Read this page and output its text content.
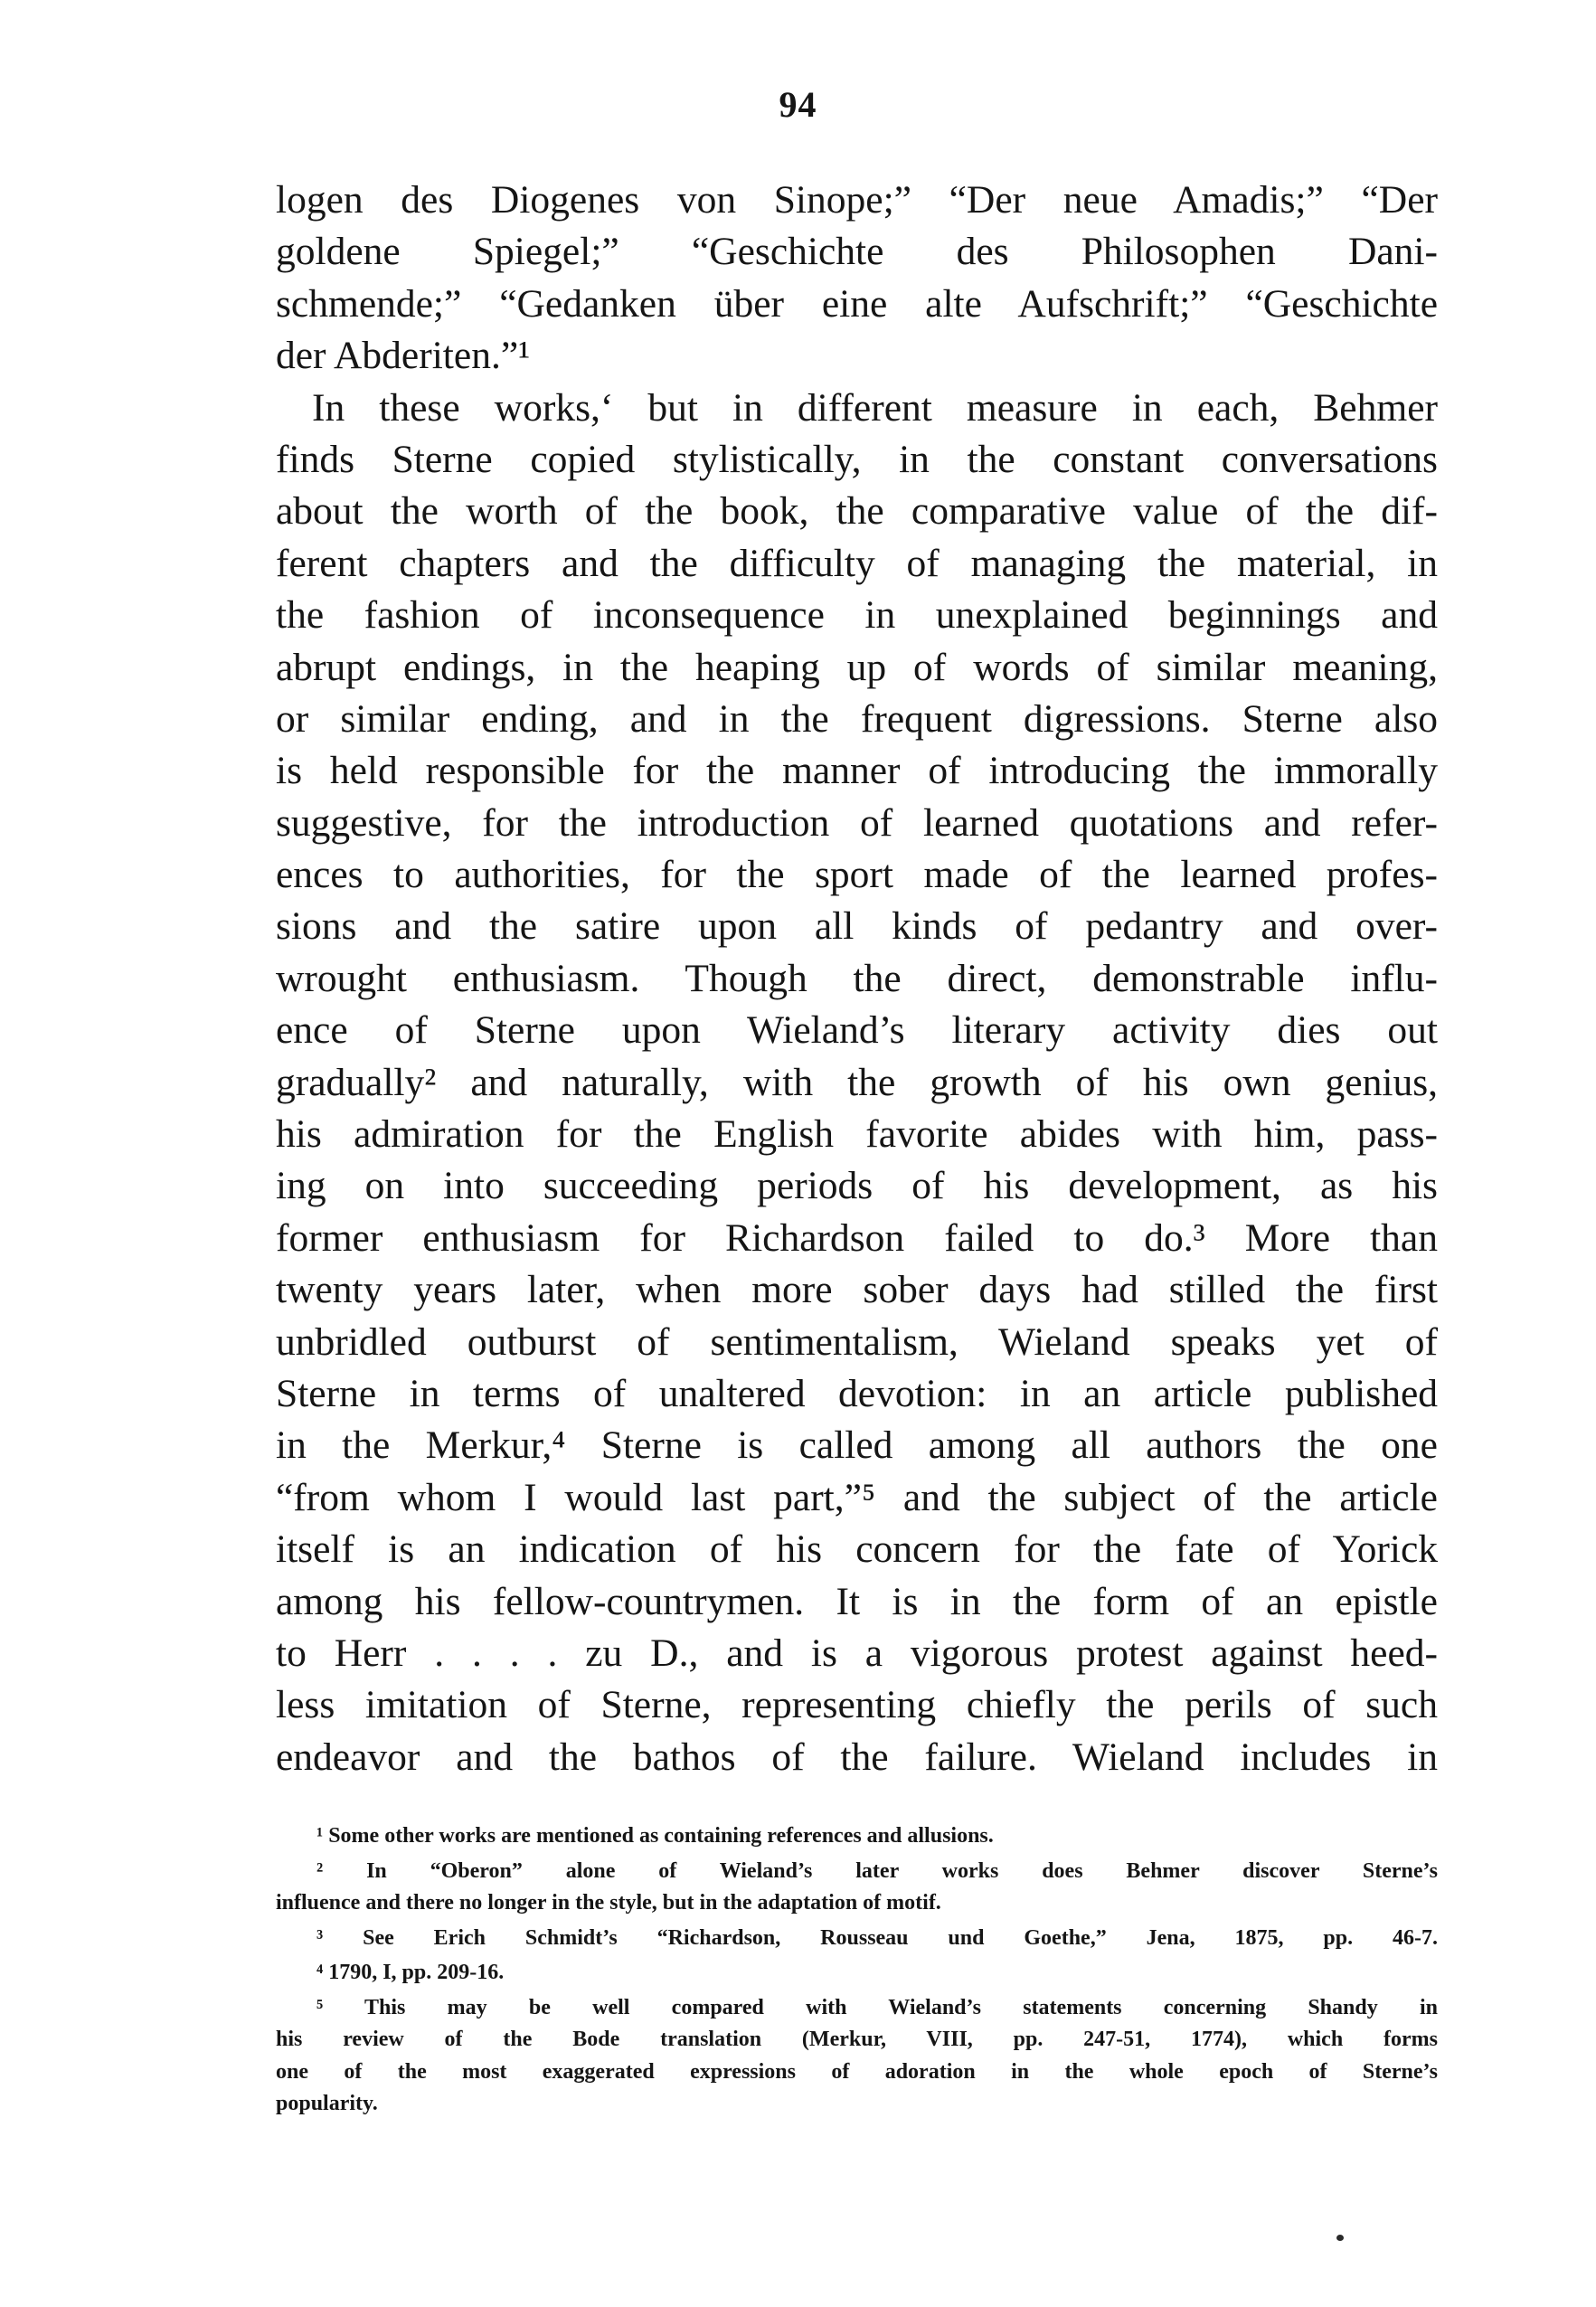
94
logen des Diogenes von Sinope;” “Der neue Amadis;” “Der
goldene Spiegel;” “Geschichte des Philosophen Dani-
schmende;” “Gedanken über eine alte Aufschrift;” “Geschichte
der Abderiten.”¹
In these works,ʻ but in different measure in each, Behmer
finds Sterne copied stylistically, in the constant conversations
about the worth of the book, the comparative value of the dif-
ferent chapters and the difficulty of managing the material, in
the fashion of inconsequence in unexplained beginnings and
abrupt endings, in the heaping up of words of similar meaning,
or similar ending, and in the frequent digressions. Sterne also
is held responsible for the manner of introducing the immorally
suggestive, for the introduction of learned quotations and refer-
ences to authorities, for the sport made of the learned profes-
sions and the satire upon all kinds of pedantry and over-
wrought enthusiasm. Though the direct, demonstrable influ-
ence of Sterne upon Wieland’s literary activity dies out
gradually² and naturally, with the growth of his own genius,
his admiration for the English favorite abides with him, pass-
ing on into succeeding periods of his development, as his
former enthusiasm for Richardson failed to do.³ More than
twenty years later, when more sober days had stilled the first
unbridled outburst of sentimentalism, Wieland speaks yet of
Sterne in terms of unaltered devotion: in an article published
in the Merkur,⁴ Sterne is called among all authors the one
“from whom I would last part,”⁵ and the subject of the article
itself is an indication of his concern for the fate of Yorick
among his fellow-countrymen. It is in the form of an epistle
to Herr . . . . zu D., and is a vigorous protest against heed-
less imitation of Sterne, representing chiefly the perils of such
endeavor and the bathos of the failure. Wieland includes in
¹ Some other works are mentioned as containing references and allusions.
² In “Oberon” alone of Wieland’s later works does Behmer discover Sterne’s
influence and there no longer in the style, but in the adaptation of motif.
³ See Erich Schmidt’s “Richardson, Rousseau und Goethe,” Jena, 1875, pp. 46-7.
⁴ 1790, I, pp. 209-16.
⁵ This may be well compared with Wieland’s statements concerning Shandy in
his review of the Bode translation (Merkur, VIII, pp. 247-51, 1774), which forms
one of the most exaggerated expressions of adoration in the whole epoch of Sterne’s
popularity.
